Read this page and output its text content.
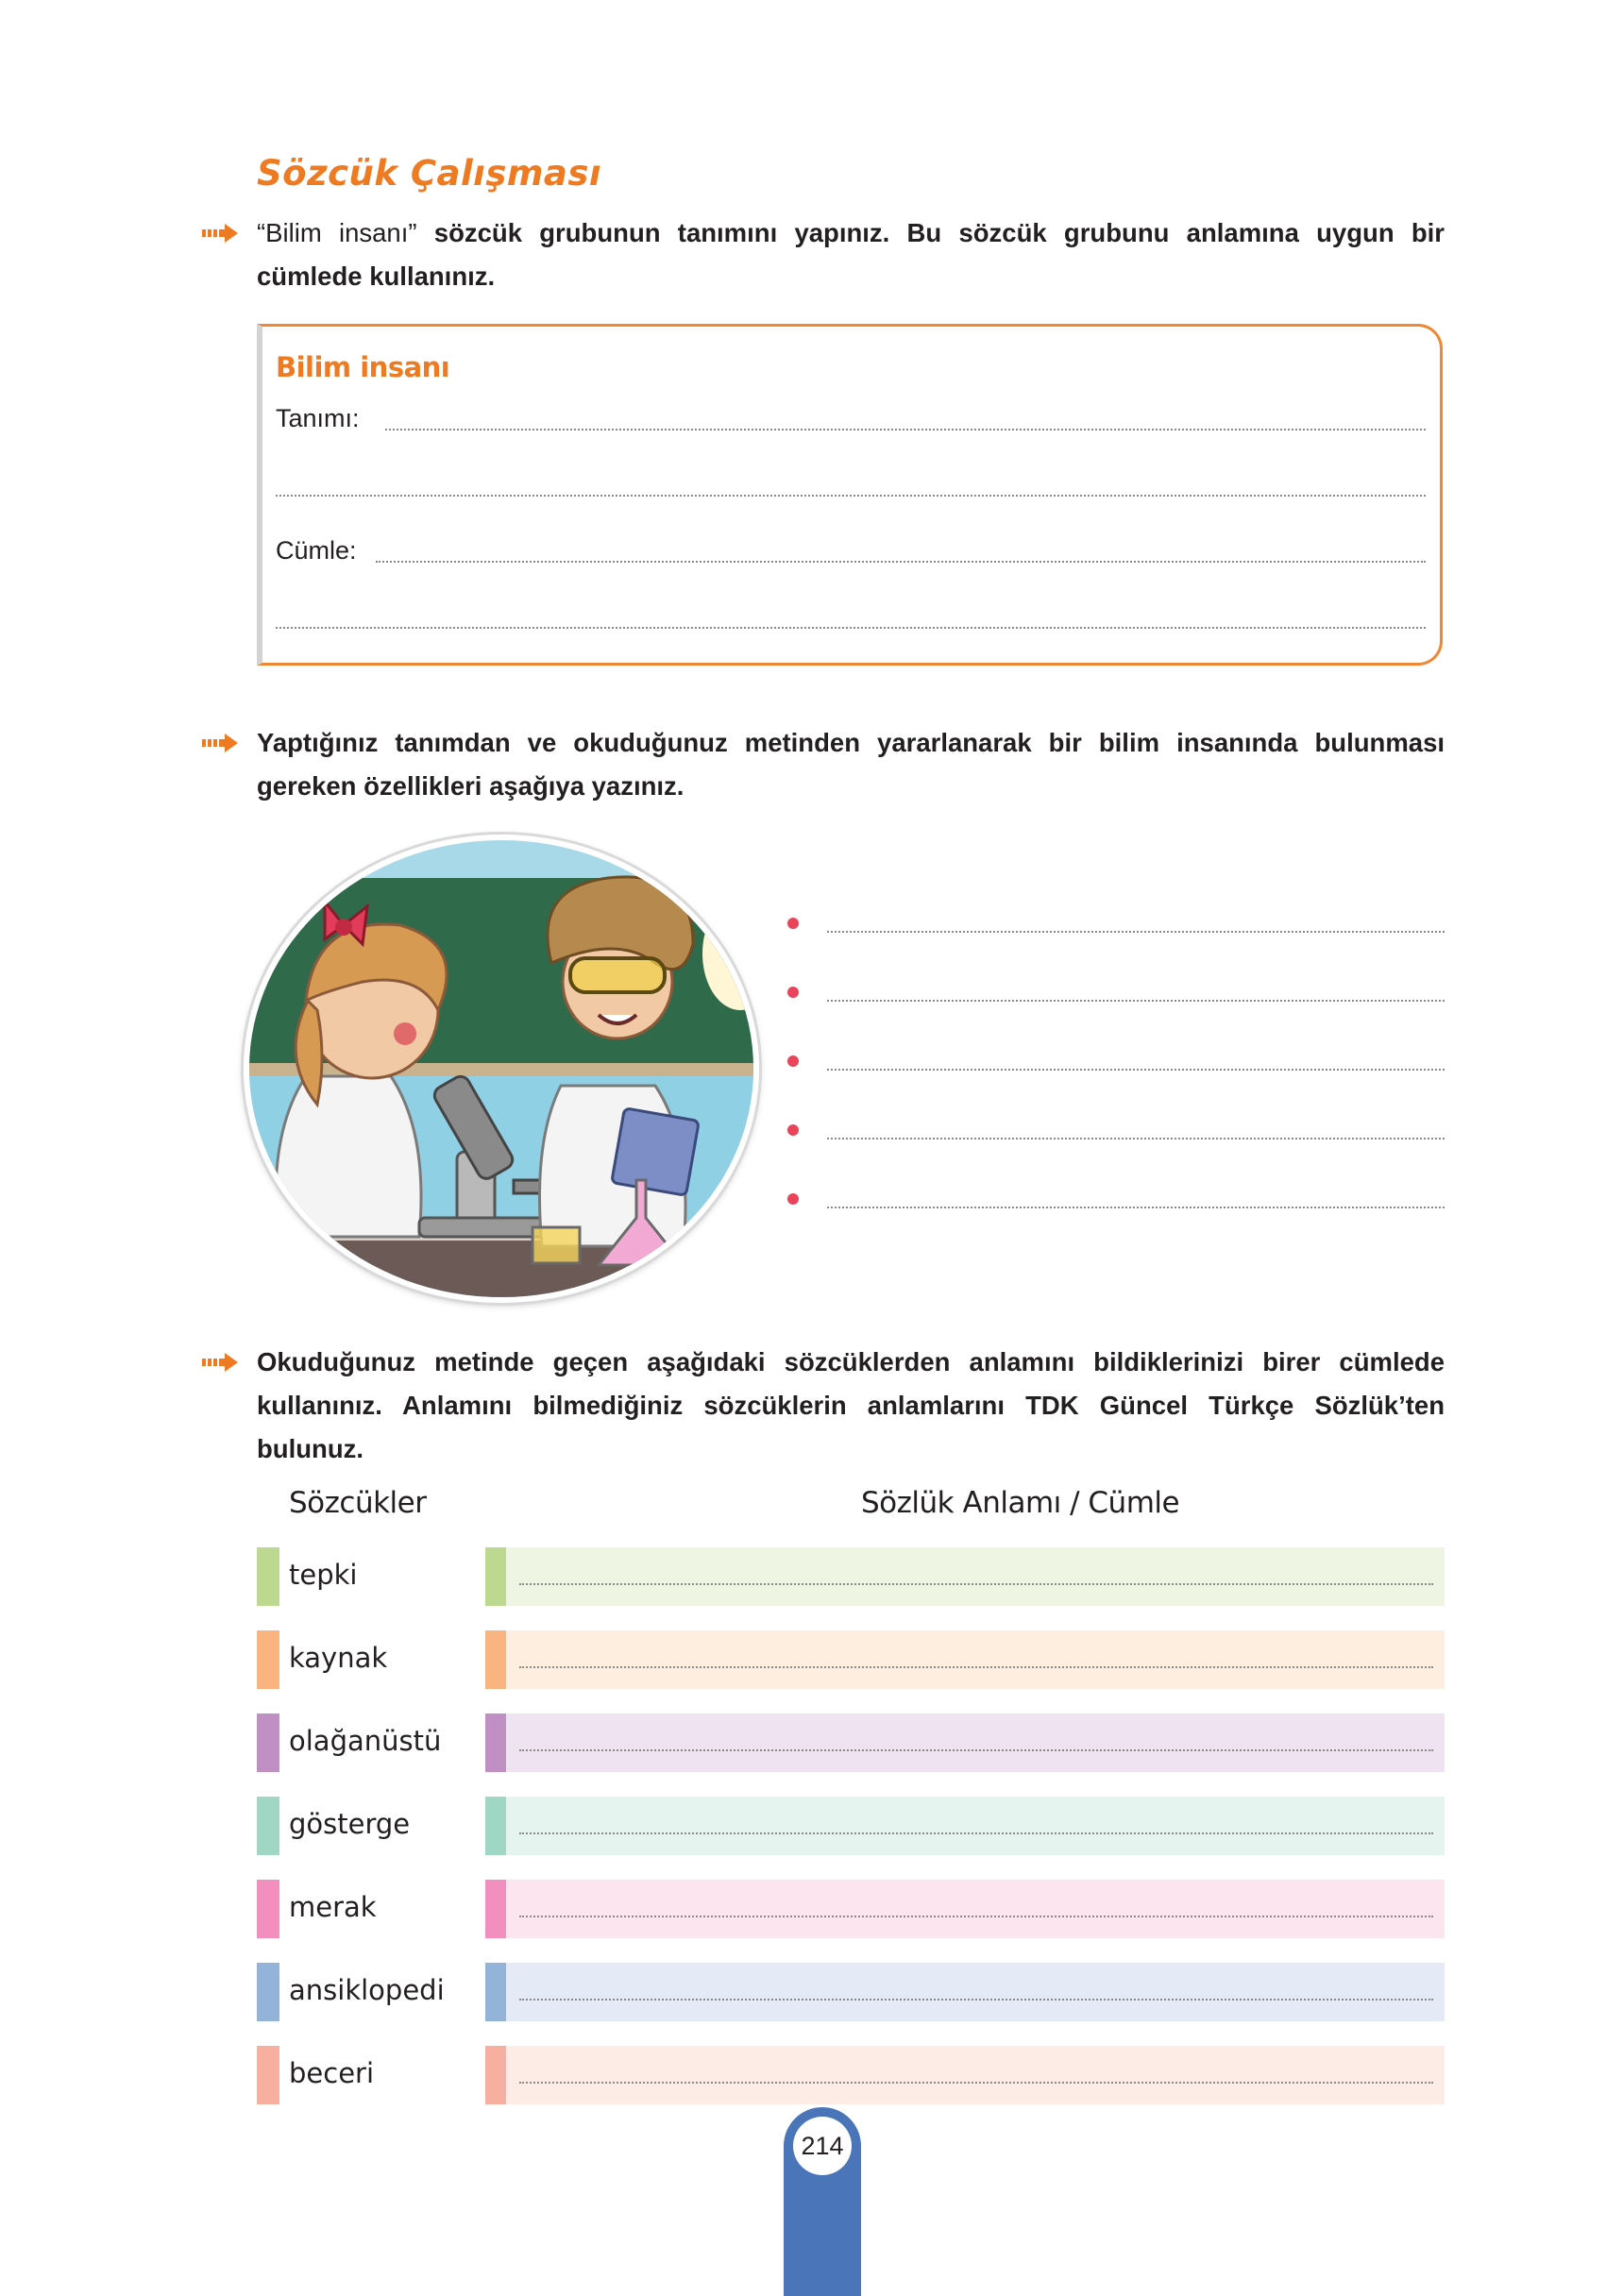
Sözcük Çalışması
“Bilim insanı” sözcük grubunun tanımını yapınız. Bu sözcük grubunu anlamına uygun bir cümlede kullanınız.
Bilim insanı
Tanımı:
Cümle:
Yaptığınız tanımdan ve okuduğunuz metinden yararlanarak bir bilim insanında bulunması gereken özellikleri aşağıya yazınız.
Okuduğunuz metinde geçen aşağıdaki sözcüklerden anlamını bildiklerinizi birer cümlede kullanınız. Anlamını bilmediğiniz sözcüklerin anlamlarını TDK Güncel Türkçe Sözlük’ten bulunuz.
Sözcükler	Sözlük Anlamı / Cümle
tepki
kaynak
olağanüstü
gösterge
merak
ansiklopedi
beceri
214
